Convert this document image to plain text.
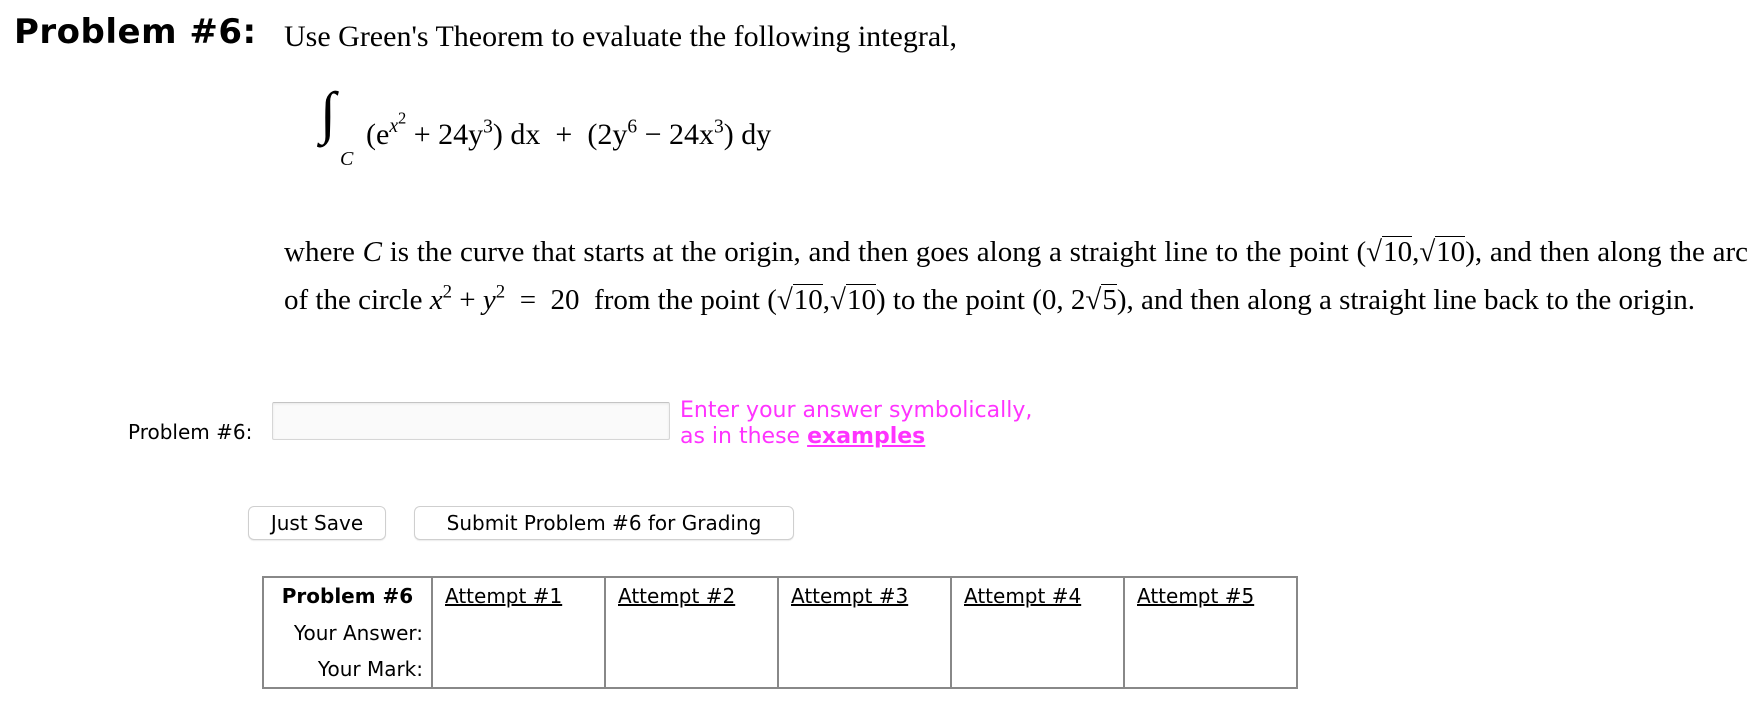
Problem #6: Use Green's Theorem to evaluate the following integral,
∫
C
$(e^{x^2} + 24y^3)$ dx  +  $(2y^6 - 24x^3)$ dy
where C is the curve that starts at the origin, and then goes along a straight line to the point (√10,√10), and then along the arc of the circle $x^2 + y^2 = 20$  from the point (√10,√10) to the point (0, 2√5), and then along a straight line back to the origin.
Problem #6:
Enter your answer symbolically,
as in these examples
Just Save	Submit Problem #6 for Grading
Problem #6	Attempt #1	Attempt #2	Attempt #3	Attempt #4	Attempt #5
Your Answer:					
Your Mark:					
